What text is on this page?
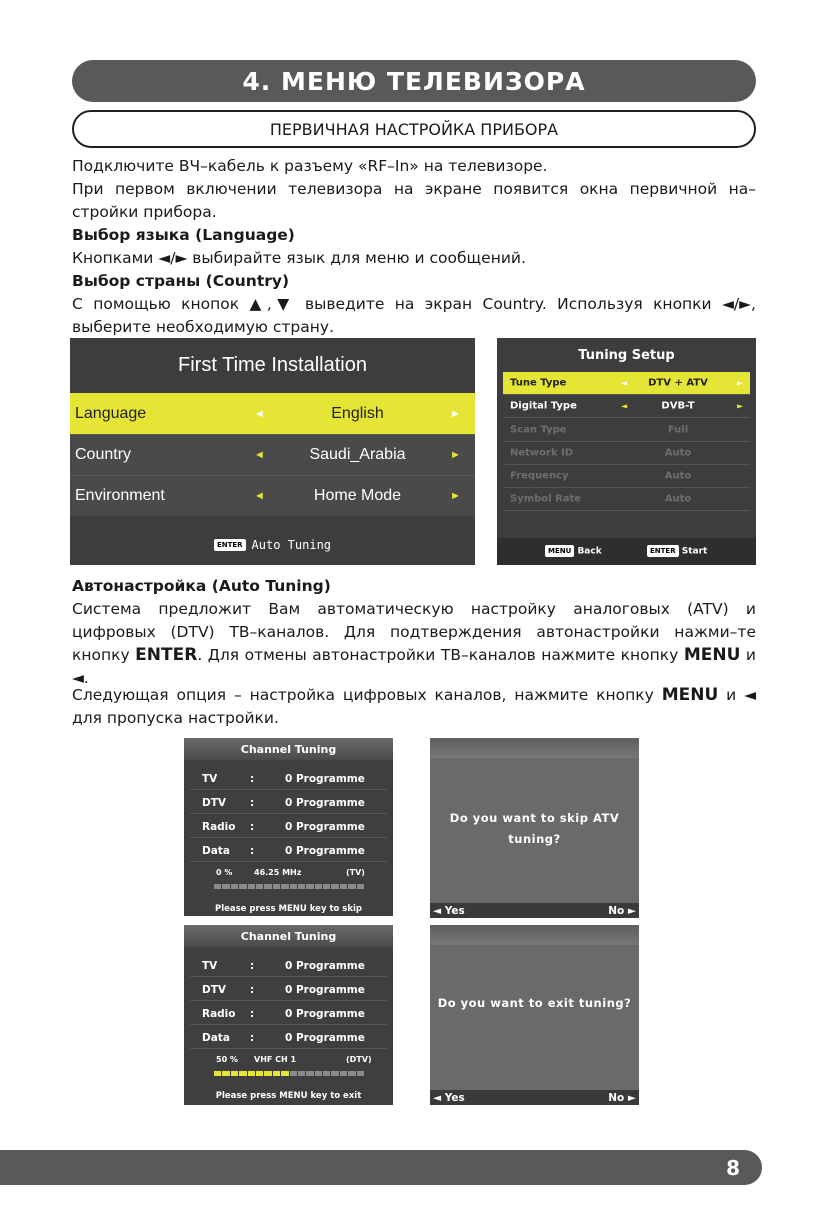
4. МЕНЮ ТЕЛЕВИЗОРА
ПЕРВИЧНАЯ НАСТРОЙКА ПРИБОРА
Подключите ВЧ–кабель к разъему «RF–In» на телевизоре.
При первом включении телевизора на экране появится окна первичной на–стройки прибора.
Выбор языка (Language)
Кнопками ◄/► выбирайте язык для меню и сообщений.
Выбор страны (Country)
С помощью кнопок ▲,▼ выведите на экран Country. Используя кнопки ◄/►, выберите необходимую страну.
First Time Installation
Language	◄	English	►
Country	◄	Saudi_Arabia	►
Environment	◄	Home Mode	►
ENTER Auto Tuning
Tuning Setup
Tune Type	◄	DTV + ATV	►
Digital Type	◄	DVB-T	►
Scan Type	Full
Network ID	Auto
Frequency	Auto
Symbol Rate	Auto
MENU Back	ENTER Start
Автонастройка (Auto Tuning)
Система предложит Вам автоматическую настройку аналоговых (ATV) и цифровых (DTV) ТВ–каналов. Для подтверждения автонастройки нажми–те кнопку ENTER. Для отмены автонастройки ТВ–каналов нажмите кнопку MENU и ◄.
Следующая опция – настройка цифровых каналов, нажмите кнопку MENU и ◄ для пропуска настройки.
Channel Tuning
TV	:	0 Programme
DTV :	0 Programme
Radio :	0 Programme
Data :	0 Programme
0 %	46.25 MHz	(TV)
Please press MENU key to skip
Channel Tuning
TV	:	0 Programme
DTV :	0 Programme
Radio :	0 Programme
Data :	0 Programme
50 % VHF CH 1	(DTV)
Please press MENU key to exit
Do you want to skip ATV
tuning?
◄ Yes	No ►
Do you want to exit tuning?
◄ Yes	No ►
8
